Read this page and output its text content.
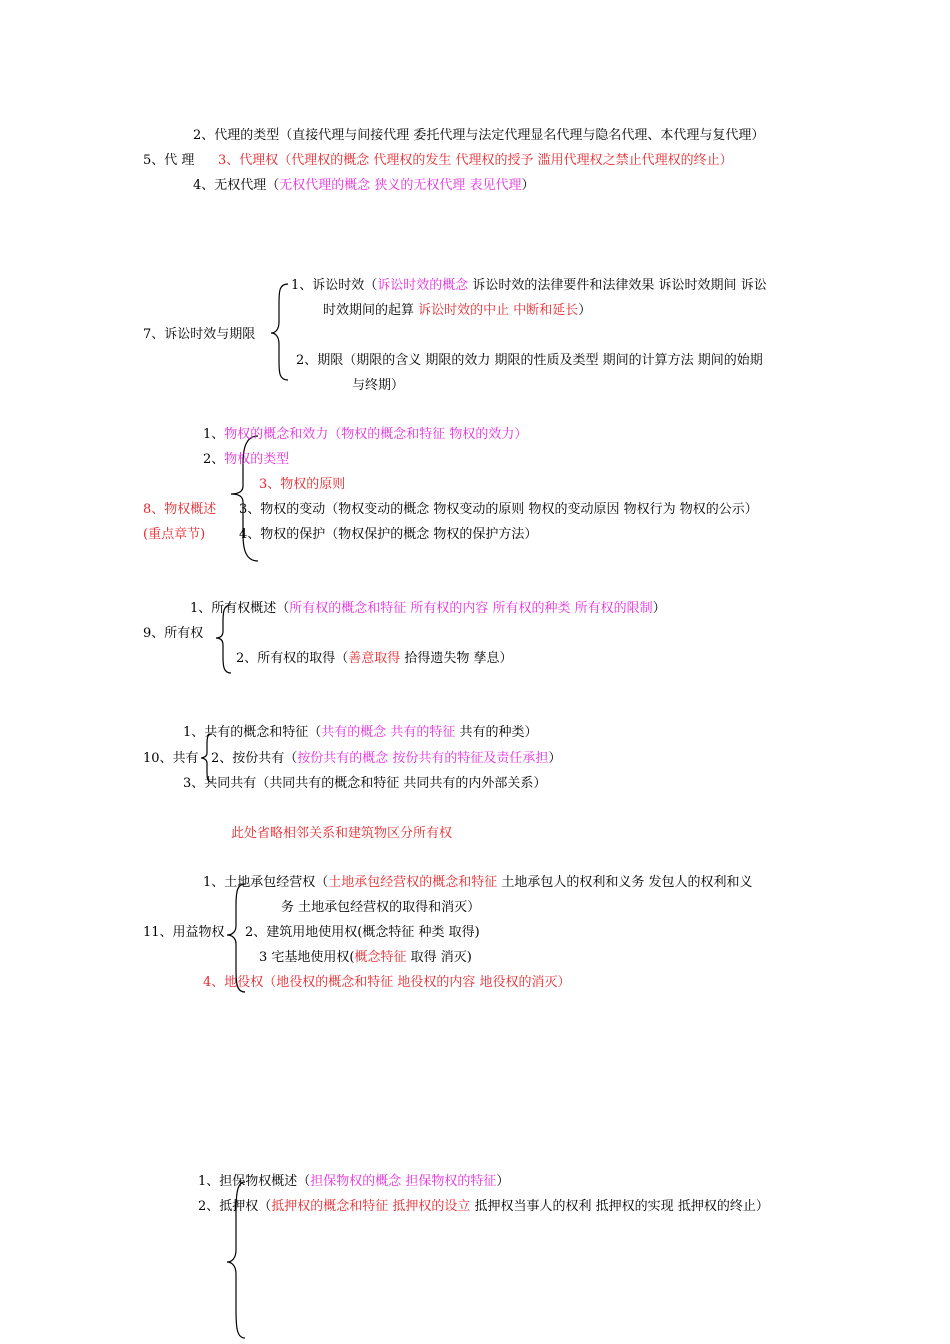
2、代理的类型（直接代理与间接代理 委托代理与法定代理显名代理与隐名代理、本代理与复代理）
5、代 理 3、代理权（代理权的概念 代理权的发生 代理权的授予 滥用代理权之禁止代理权的终止）
4、无权代理（无权代理的概念 狭义的无权代理 表见代理）
1、诉讼时效（诉讼时效的概念 诉讼时效的法律要件和法律效果 诉讼时效期间 诉讼
时效期间的起算 诉讼时效的中止 中断和延长）
7、诉讼时效与期限
2、期限（期限的含义 期限的效力 期限的性质及类型 期间的计算方法 期间的始期
与终期）
1、物权的概念和效力（物权的概念和特征 物权的效力）
2、物权的类型
3、物权的原则
8、物权概述 3、物权的变动（物权变动的概念 物权变动的原则 物权的变动原因 物权行为 物权的公示）
(重点章节)	4、物权的保护（物权保护的概念 物权的保护方法）
1、所有权概述（所有权的概念和特征 所有权的内容 所有权的种类 所有权的限制）
9、所有权
2、所有权的取得（善意取得 拾得遗失物 孳息）
1、共有的概念和特征（共有的概念 共有的特征 共有的种类）
10、共有 2、按份共有（按份共有的概念 按份共有的特征及责任承担）
3、共同共有（共同共有的概念和特征 共同共有的内外部关系）
此处省略相邻关系和建筑物区分所有权
1、土地承包经营权（土地承包经营权的概念和特征 土地承包人的权利和义务 发包人的权利和义
务 土地承包经营权的取得和消灭）
11、用益物权 2、建筑用地使用权(概念特征 种类 取得)
3 宅基地使用权(概念特征 取得 消灭)
4、地役权（地役权的概念和特征 地役权的内容 地役权的消灭）
1、担保物权概述（担保物权的概念 担保物权的特征）
2、抵押权（抵押权的概念和特征 抵押权的设立 抵押权当事人的权利 抵押权的实现 抵押权的终止）
